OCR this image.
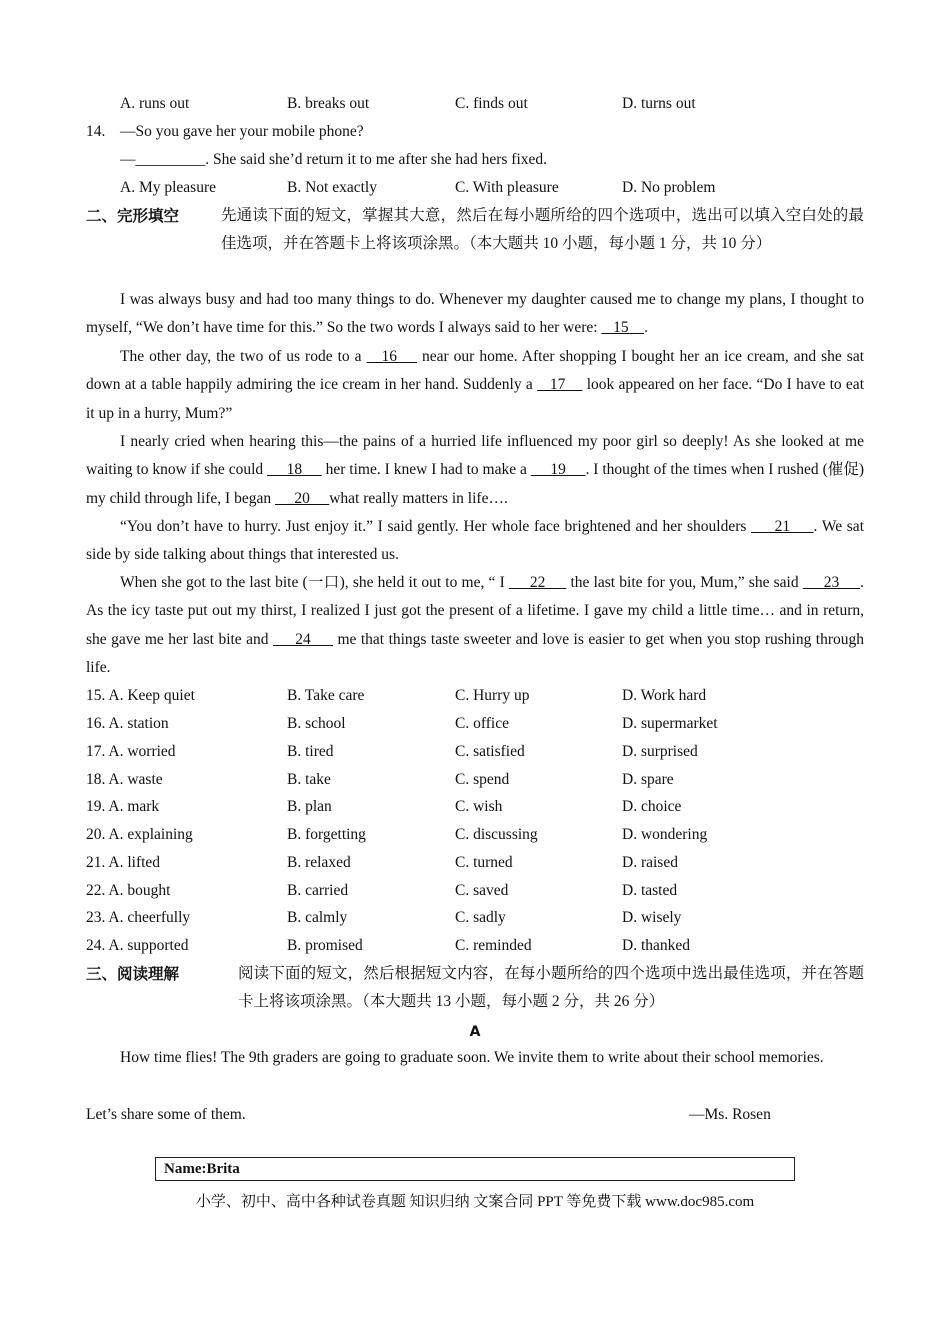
A. runs out	B. breaks out	C. finds out	D. turns out
14. —So you gave her your mobile phone?
—_________. She said she’d return it to me after she had hers fixed.
A. My pleasure	B. Not exactly	C. With pleasure	D. No problem
二、完形填空	先通读下面的短文，掌握其大意，然后在每小题所给的四个选项中，选出可以填入空白处的最佳选项，并在答题卡上将该项涂黑。（本大题共 10 小题，每小题 1 分，共 10 分）
I was always busy and had too many things to do. Whenever my daughter caused me to change my plans, I thought to myself, “We don’t have time for this.” So the two words I always said to her were:    15    .
The other day, the two of us rode to a    16     near our home. After shopping I bought her an ice cream, and she sat down at a table happily admiring the ice cream in her hand. Suddenly a    17     look appeared on her face. “Do I have to eat it up in a hurry, Mum?”
I nearly cried when hearing this—the pains of a hurried life influenced my poor girl so deeply! As she looked at me waiting to know if she could      18      her time. I knew I had to make a      19     . I thought of the times when I rushed (催促) my child through life, I began      20     what really matters in life….
“You don’t have to hurry. Just enjoy it.” I said gently. Her whole face brightened and her shoulders      21     . We sat side by side talking about things that interested us.
When she got to the last bite (一口), she held it out to me, “ I      22      the last bite for you, Mum,” she said      23     . As the icy taste put out my thirst, I realized I just got the present of a lifetime. I gave my child a little time… and in return, she gave me her last bite and      24      me that things taste sweeter and love is easier to get when you stop rushing through life.
15. A. Keep quiet	B. Take care	C. Hurry up	D. Work hard
16. A. station	B. school	C. office	D. supermarket
17. A. worried	B. tired	C. satisfied	D. surprised
18. A. waste	B. take	C. spend	D. spare
19. A. mark	B. plan	C. wish	D. choice
20. A. explaining	B. forgetting	C. discussing	D. wondering
21. A. lifted	B. relaxed	C. turned	D. raised
22. A. bought	B. carried	C. saved	D. tasted
23. A. cheerfully	B. calmly	C. sadly	D. wisely
24. A. supported	B. promised	C. reminded	D. thanked
三、阅读理解	阅读下面的短文，然后根据短文内容，在每小题所给的四个选项中选出最佳选项，并在答题卡上将该项涂黑。（本大题共 13 小题，每小题 2 分，共 26 分）
A
How time flies! The 9th graders are going to graduate soon. We invite them to write about their school memories.
Let’s share some of them.	—Ms. Rosen
Name:Brita
小学、初中、高中各种试卷真题 知识归纳 文案合同 PPT 等免费下载 www.doc985.com
